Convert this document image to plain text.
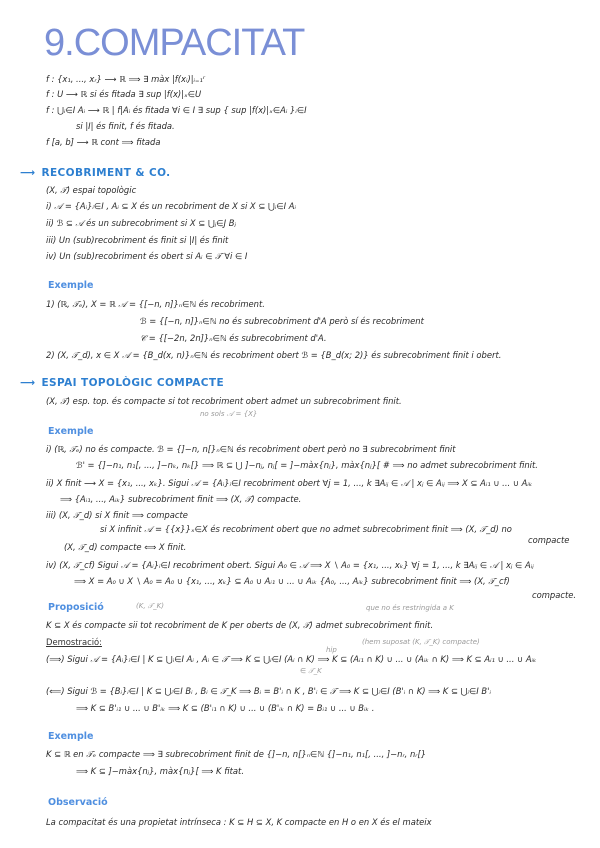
9.COMPACITAT
f : {x₁, ..., xᵣ} ⟶ ℝ ⟹ ∃ màx |f(xᵢ)|ᵢ₌₁ʳ
f : U ⟶ ℝ si és fitada ∃ sup |f(x)|ₓ∈U
f : ⋃ᵢ∈I Aᵢ ⟶ ℝ | f|Aᵢ és fitada ∀i ∈ I ∃ sup { sup |f(x)|ₓ∈Aᵢ }ᵢ∈I
si |I| és finit, f és fitada.
f [a, b] ⟶ ℝ cont ⟹ fitada
⟶ RECOBRIMENT & CO.
(X, 𝒯) espai topològic
i) 𝒜 = {Aᵢ}ᵢ∈I , Aᵢ ⊆ X és un recobriment de X si X ⊆ ⋃ᵢ∈I Aᵢ
ii) ℬ ⊆ 𝒜 és un subrecobriment si X ⊆ ⋃ⱼ∈J Bⱼ
iii) Un (sub)recobriment és finit si |I| és finit
iv) Un (sub)recobriment és obert si Aᵢ ∈ 𝒯 ∀i ∈ I
Exemple
1) (ℝ, 𝒯ₑ), X = ℝ 𝒜 = {[−n, n]}ₙ∈ℕ és recobriment.
ℬ = {[−n, n]}ₙ∈ℕ no és subrecobriment d'A però sí és recobriment
𝒞 = {[−2n, 2n]}ₙ∈ℕ és subrecobriment d'A.
2) (X, 𝒯_d), x ∈ X 𝒜 = {B_d(x, n)}ₙ∈ℕ és recobriment obert ℬ = {B_d(x; 2)} és subrecobriment finit i obert.
⟶ ESPAI TOPOLÒGIC COMPACTE
(X, 𝒯) esp. top. és compacte si tot recobriment obert admet un subrecobriment finit.
no sols 𝒜 = {X}
Exemple
i) (ℝ, 𝒯ₑ) no és compacte. ℬ = {]−n, n[}ₙ∈ℕ és recobriment obert però no ∃ subrecobriment finit
ℬ' = {]−n₁, n₁[, ..., ]−nₖ, nₖ[} ⟹ ℝ ⊆ ⋃ ]−nⱼ, nⱼ[ = ]−màx{nⱼ}, màx{nⱼ}[ # ⟹ no admet subrecobriment finit.
ii) X finit ⟶ X = {x₁, ..., xₖ}. Sigui 𝒜 = {Aᵢ}ᵢ∈I recobriment obert ∀j = 1, ..., k ∃Aᵢⱼ ∈ 𝒜 | xⱼ ∈ Aᵢⱼ ⟹ X ⊆ Aᵢ₁ ∪ ... ∪ Aᵢₖ
⟹ {Aᵢ₁, ..., Aᵢₖ} subrecobriment finit ⟹ (X, 𝒯) compacte.
iii) (X, 𝒯_d) si X finit ⟹ compacte
si X infinit 𝒜 = {{x}}ₓ∈X és recobriment obert que no admet subrecobriment finit ⟹ (X, 𝒯_d) no
compacte
(X, 𝒯_d) compacte ⟺ X finit.
iv) (X, 𝒯_cf) Sigui 𝒜 = {Aᵢ}ᵢ∈I recobriment obert. Sigui A₀ ∈ 𝒜 ⟹ X ∖ A₀ = {x₁, ..., xₖ} ∀j = 1, ..., k ∃Aᵢⱼ ∈ 𝒜 | xⱼ ∈ Aᵢⱼ
⟹ X = A₀ ∪ X ∖ A₀ = A₀ ∪ {x₁, ..., xₖ} ⊆ A₀ ∪ Aᵢ₁ ∪ ... ∪ Aᵢₖ {A₀, ..., Aᵢₖ} subrecobriment finit ⟹ (X, 𝒯_cf)
compacte.
Proposició	(K, 𝒯_K)	que no és restringida a K
K ⊆ X és compacte sii tot recobriment de K per oberts de (X, 𝒯) admet subrecobriment finit.
Demostració:	(hem suposat (K, 𝒯_K) compacte)
hip
(⟹) Sigui 𝒜 = {Aᵢ}ᵢ∈I | K ⊆ ⋃ᵢ∈I Aᵢ , Aᵢ ∈ 𝒯 ⟹ K ⊆ ⋃ᵢ∈I (Aᵢ ∩ K) ⟹ K ⊆ (Aᵢ₁ ∩ K) ∪ ... ∪ (Aᵢₖ ∩ K) ⟹ K ⊆ Aᵢ₁ ∪ ... ∪ Aᵢₖ
∈ 𝒯_K
(⟸) Sigui ℬ = {Bᵢ}ᵢ∈I | K ⊆ ⋃ᵢ∈I Bᵢ , Bᵢ ∈ 𝒯_K ⟹ Bᵢ = B'ᵢ ∩ K , B'ᵢ ∈ 𝒯 ⟹ K ⊆ ⋃ᵢ∈I (B'ᵢ ∩ K) ⟹ K ⊆ ⋃ᵢ∈I B'ᵢ
⟹ K ⊆ B'ᵢ₁ ∪ ... ∪ B'ᵢₖ ⟹ K ⊆ (B'ᵢ₁ ∩ K) ∪ ... ∪ (B'ᵢₖ ∩ K) = Bᵢ₁ ∪ ... ∪ Bᵢₖ .
Exemple
K ⊆ ℝ en 𝒯ₑ compacte ⟹ ∃ subrecobriment finit de {]−n, n[}ₙ∈ℕ {]−n₁, n₁[, ..., ]−nᵣ, nᵣ[}
⟹ K ⊆ ]−màx{nⱼ}, màx{nⱼ}[ ⟹ K fitat.
Observació
La compacitat és una propietat intrínseca : K ⊆ H ⊆ X, K compacte en H o en X és el mateix
